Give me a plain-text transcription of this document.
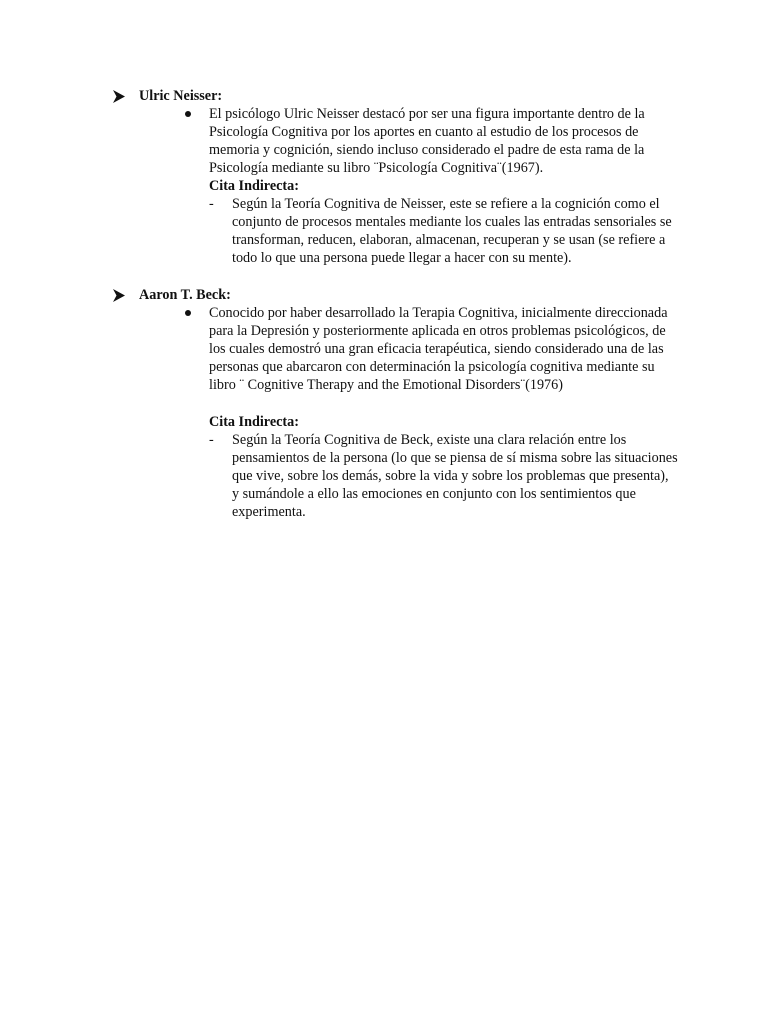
Ulric Neisser:

El psicólogo Ulric Neisser destacó por ser una figura importante dentro de la Psicología Cognitiva por los aportes en cuanto al estudio de los procesos de memoria y cognición, siendo incluso considerado el padre de esta rama de la Psicología mediante su libro ¨Psicología Cognitiva¨(1967).

Cita Indirecta:

- Según la Teoría Cognitiva de Neisser, este se refiere a la cognición como el conjunto de procesos mentales mediante los cuales las entradas sensoriales se transforman, reducen, elaboran, almacenan, recuperan y se usan (se refiere a todo lo que una persona puede llegar a hacer con su mente).

Aaron T. Beck:

Conocido por haber desarrollado la Terapia Cognitiva, inicialmente direccionada para la Depresión y posteriormente aplicada en otros problemas psicológicos, de los cuales demostró una gran eficacia terapéutica, siendo considerado una de las personas que abarcaron con determinación la psicología cognitiva mediante su libro ¨ Cognitive Therapy and the Emotional Disorders¨(1976)

Cita Indirecta:

- Según la Teoría Cognitiva de Beck, existe una clara relación entre los pensamientos de la persona (lo que se piensa de sí misma sobre las situaciones que vive, sobre los demás, sobre la vida y sobre los problemas que presenta), y sumándole a ello las emociones en conjunto con los sentimientos que experimenta.
